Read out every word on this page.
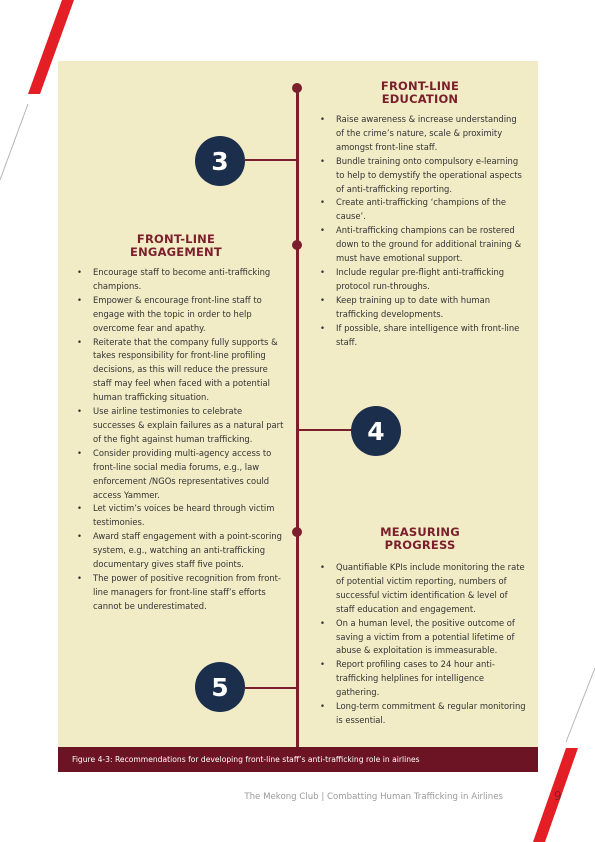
3
4
5
FRONT-LINE
EDUCATION
• Raise awareness & increase understanding of the crime’s nature, scale & proximity amongst front-line staff.
• Bundle training onto compulsory e-learning to help to demystify the operational aspects of anti-trafficking reporting.
• Create anti-trafficking ‘champions of the cause’.
• Anti-trafficking champions can be rostered down to the ground for additional training & must have emotional support.
• Include regular pre-flight anti-trafficking protocol run-throughs.
• Keep training up to date with human trafficking developments.
• If possible, share intelligence with front-line staff.
FRONT-LINE
ENGAGEMENT
• Encourage staff to become anti-trafficking champions.
• Empower & encourage front-line staff to engage with the topic in order to help overcome fear and apathy.
• Reiterate that the company fully supports & takes responsibility for front-line profiling decisions, as this will reduce the pressure staff may feel when faced with a potential human trafficking situation.
• Use airline testimonies to celebrate successes & explain failures as a natural part of the fight against human trafficking.
• Consider providing multi-agency access to front-line social media forums, e.g., law enforcement /NGOs representatives could access Yammer.
• Let victim’s voices be heard through victim testimonies.
• Award staff engagement with a point-scoring system, e.g., watching an anti-trafficking documentary gives staff five points.
• The power of positive recognition from front-line managers for front-line staff’s efforts cannot be underestimated.
MEASURING
PROGRESS
• Quantifiable KPIs include monitoring the rate of potential victim reporting, numbers of successful victim identification & level of staff education and engagement.
• On a human level, the positive outcome of saving a victim from a potential lifetime of abuse & exploitation is immeasurable.
• Report profiling cases to 24 hour anti-trafficking helplines for intelligence gathering.
• Long-term commitment & regular monitoring is essential.
Figure 4-3: Recommendations for developing front-line staff’s anti-trafficking role in airlines
The Mekong Club | Combatting Human Trafficking in Airlines	9
